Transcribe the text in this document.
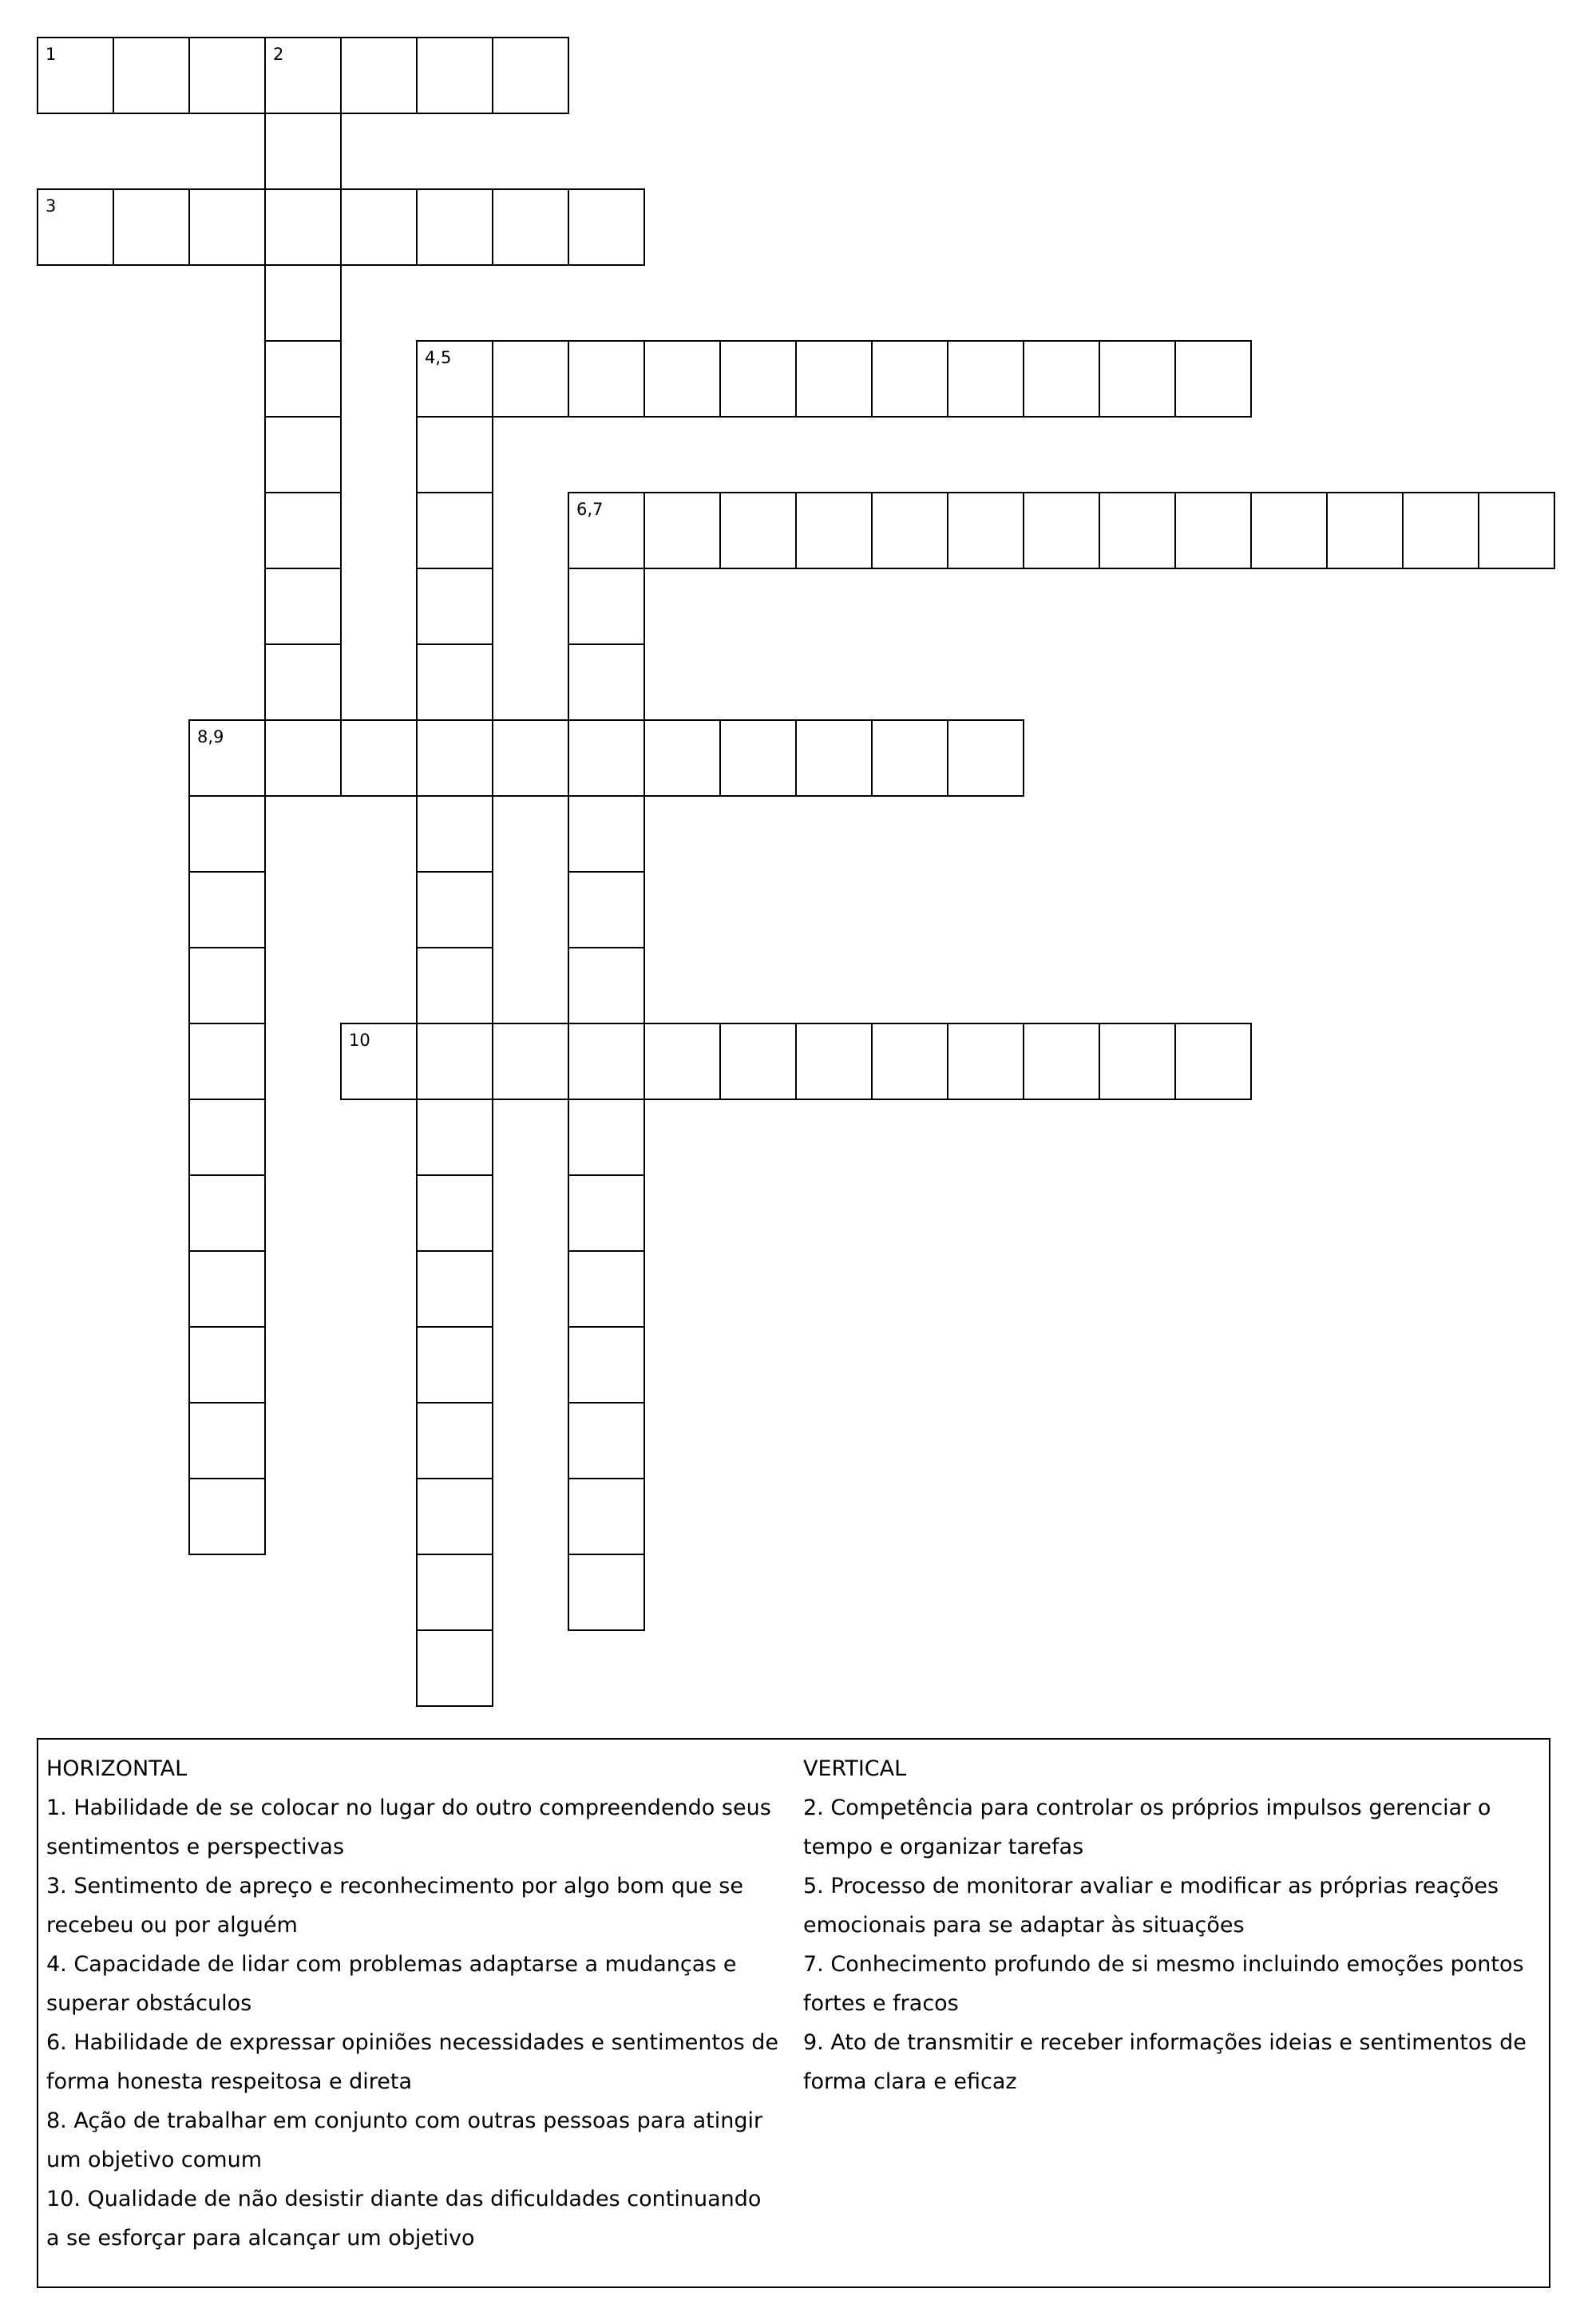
1	2
3
4,5
6,7
8,9
10
HORIZONTAL
1. Habilidade de se colocar no lugar do outro compreendendo seus sentimentos e perspectivas
3. Sentimento de apreço e reconhecimento por algo bom que se recebeu ou por alguém
4. Capacidade de lidar com problemas adaptarse a mudanças e superar obstáculos
6. Habilidade de expressar opiniões necessidades e sentimentos de forma honesta respeitosa e direta
8. Ação de trabalhar em conjunto com outras pessoas para atingir um objetivo comum
10. Qualidade de não desistir diante das dificuldades continuando a se esforçar para alcançar um objetivo
VERTICAL
2. Competência para controlar os próprios impulsos gerenciar o tempo e organizar tarefas
5. Processo de monitorar avaliar e modificar as próprias reações emocionais para se adaptar às situações
7. Conhecimento profundo de si mesmo incluindo emoções pontos fortes e fracos
9. Ato de transmitir e receber informações ideias e sentimentos de forma clara e eficaz
